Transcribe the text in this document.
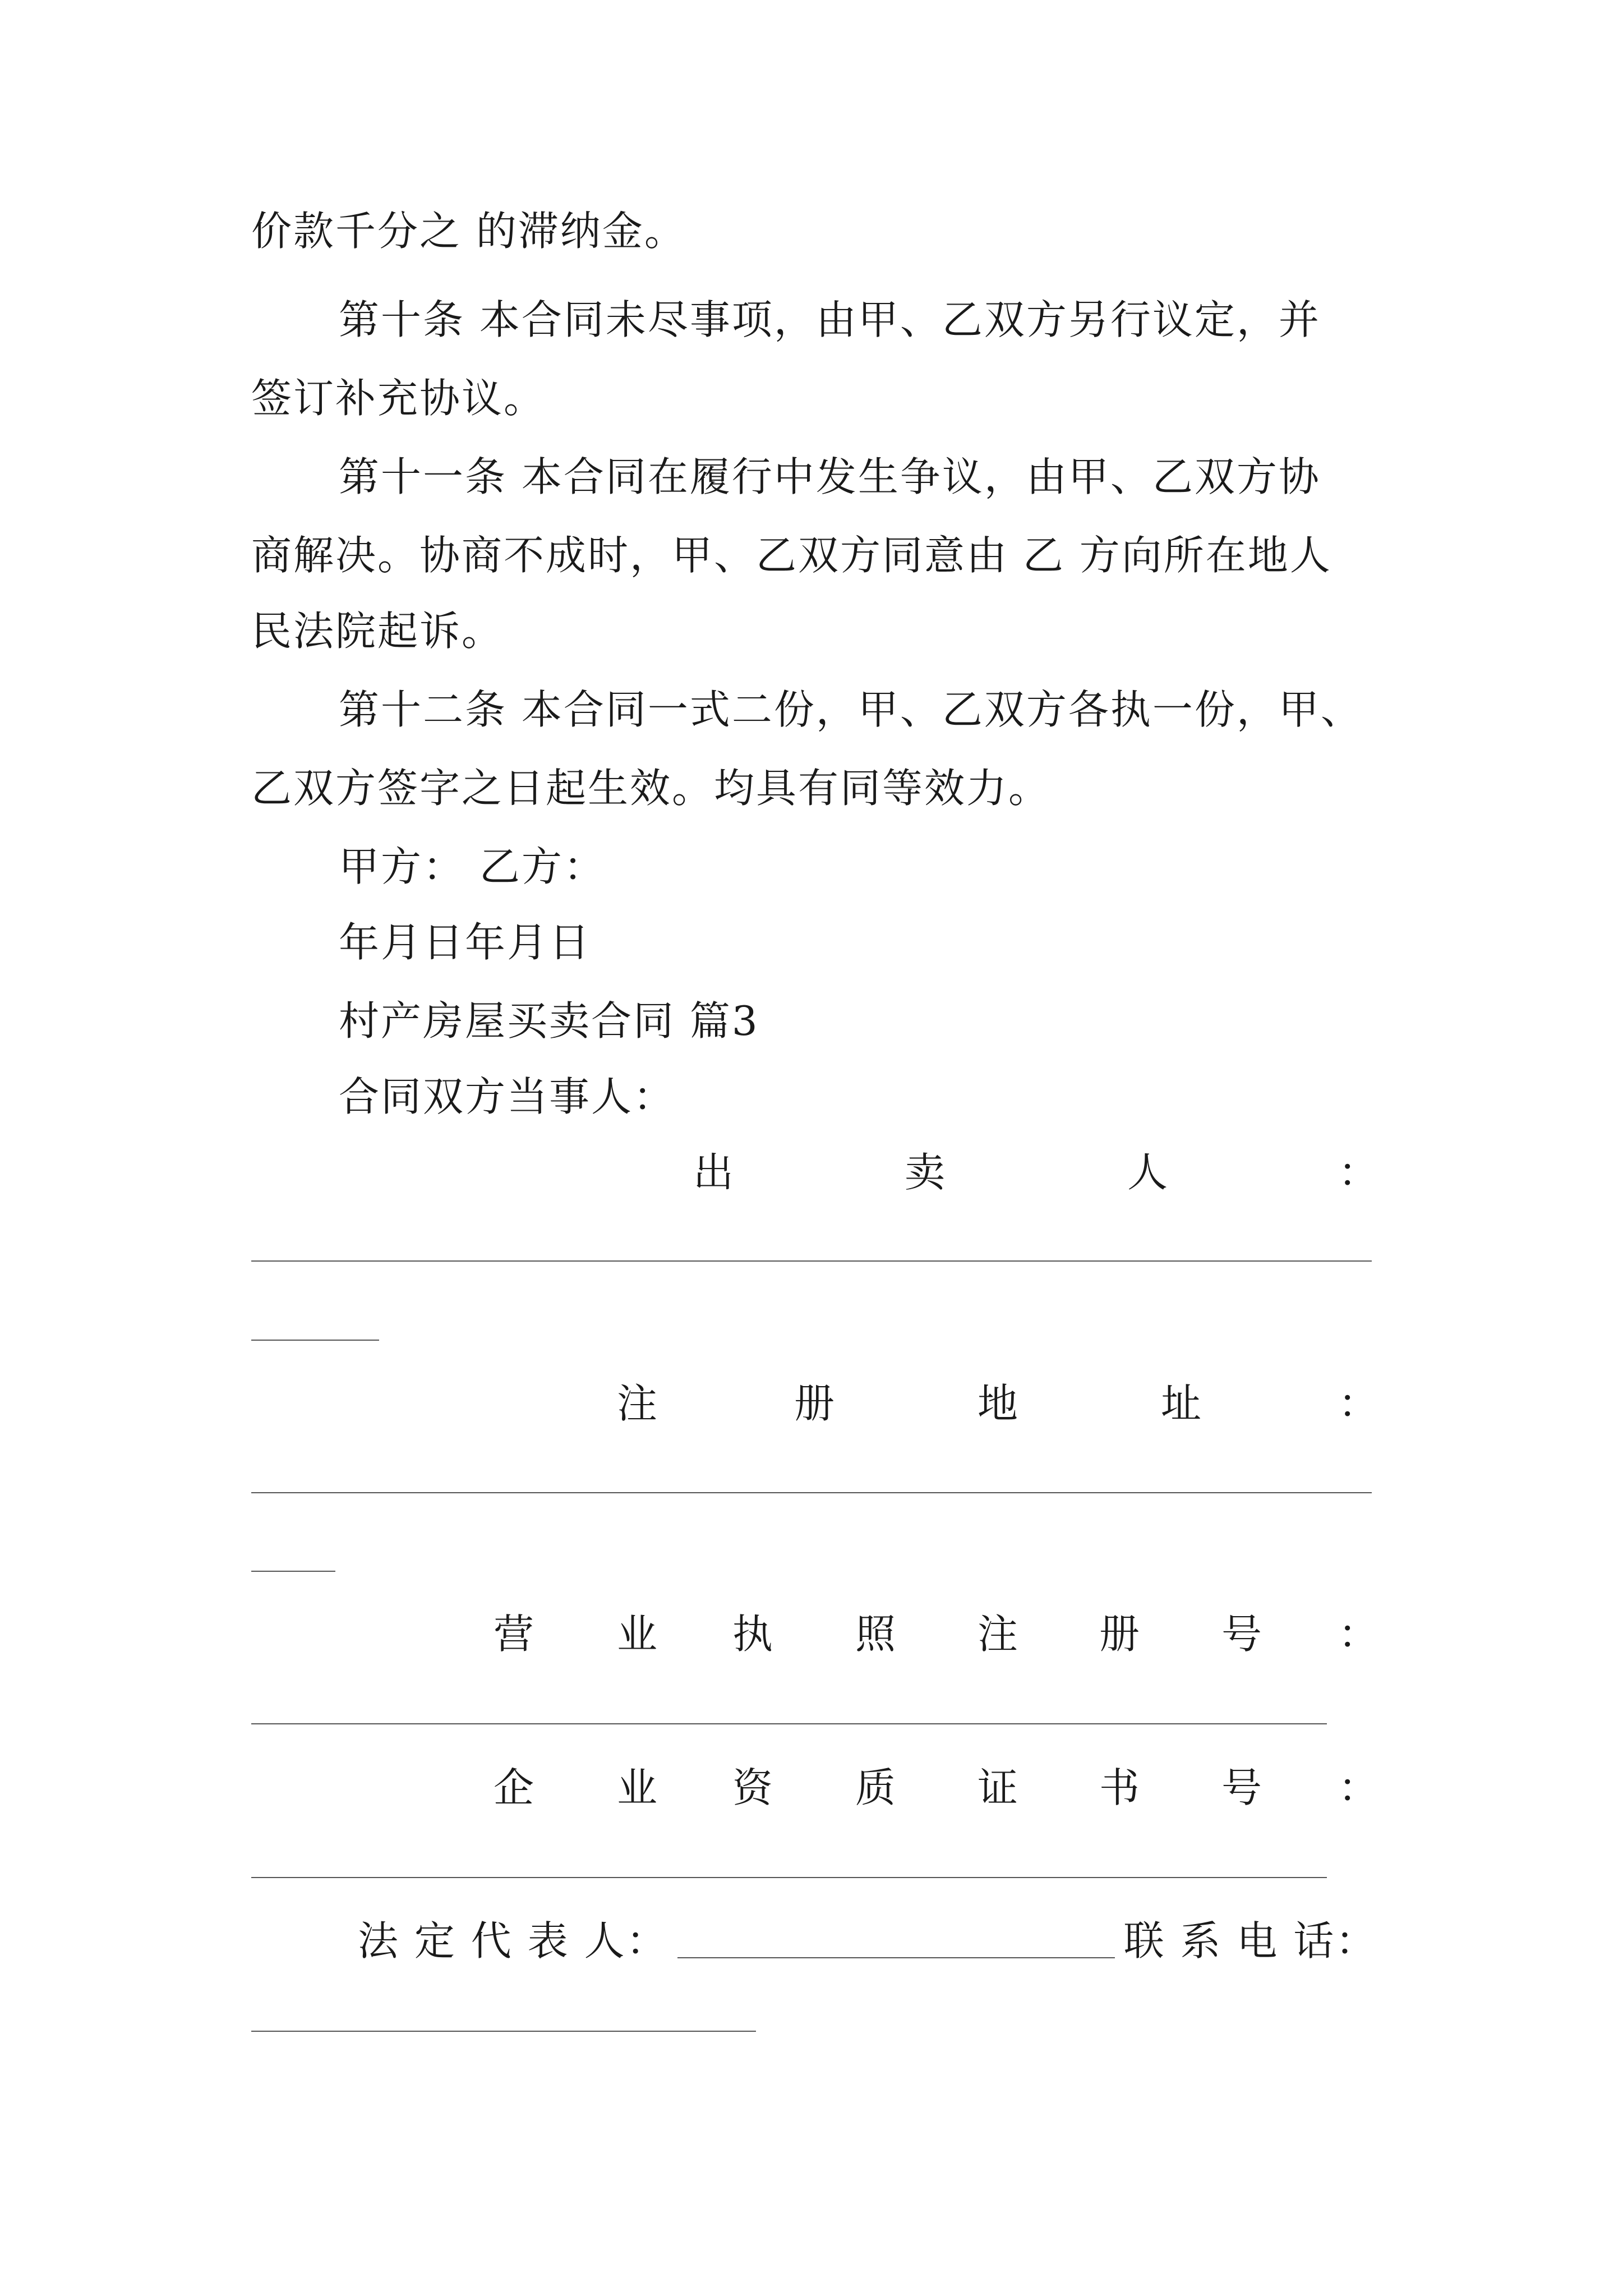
价款千分之 的滞纳金。
第十条 本合同未尽事项，由甲、乙双方另行议定，并
签订补充协议。
第十一条 本合同在履行中发生争议，由甲、乙双方协
商解决。协商不成时，甲、乙双方同意由 乙 方向所在地人
民法院起诉。
第十二条 本合同一式二份，甲、乙双方各执一份，甲、
乙双方签字之日起生效。均具有同等效力。
甲方： 乙方：
年月日年月日
村产房屋买卖合同 篇3
合同双方当事人：
出	卖	人	：
注	册	地	址	：
营 业 执 照 注 册 号 ：
企 业 资 质 证 书 号 ：
法 定 代 表 人：	联 系 电 话：
